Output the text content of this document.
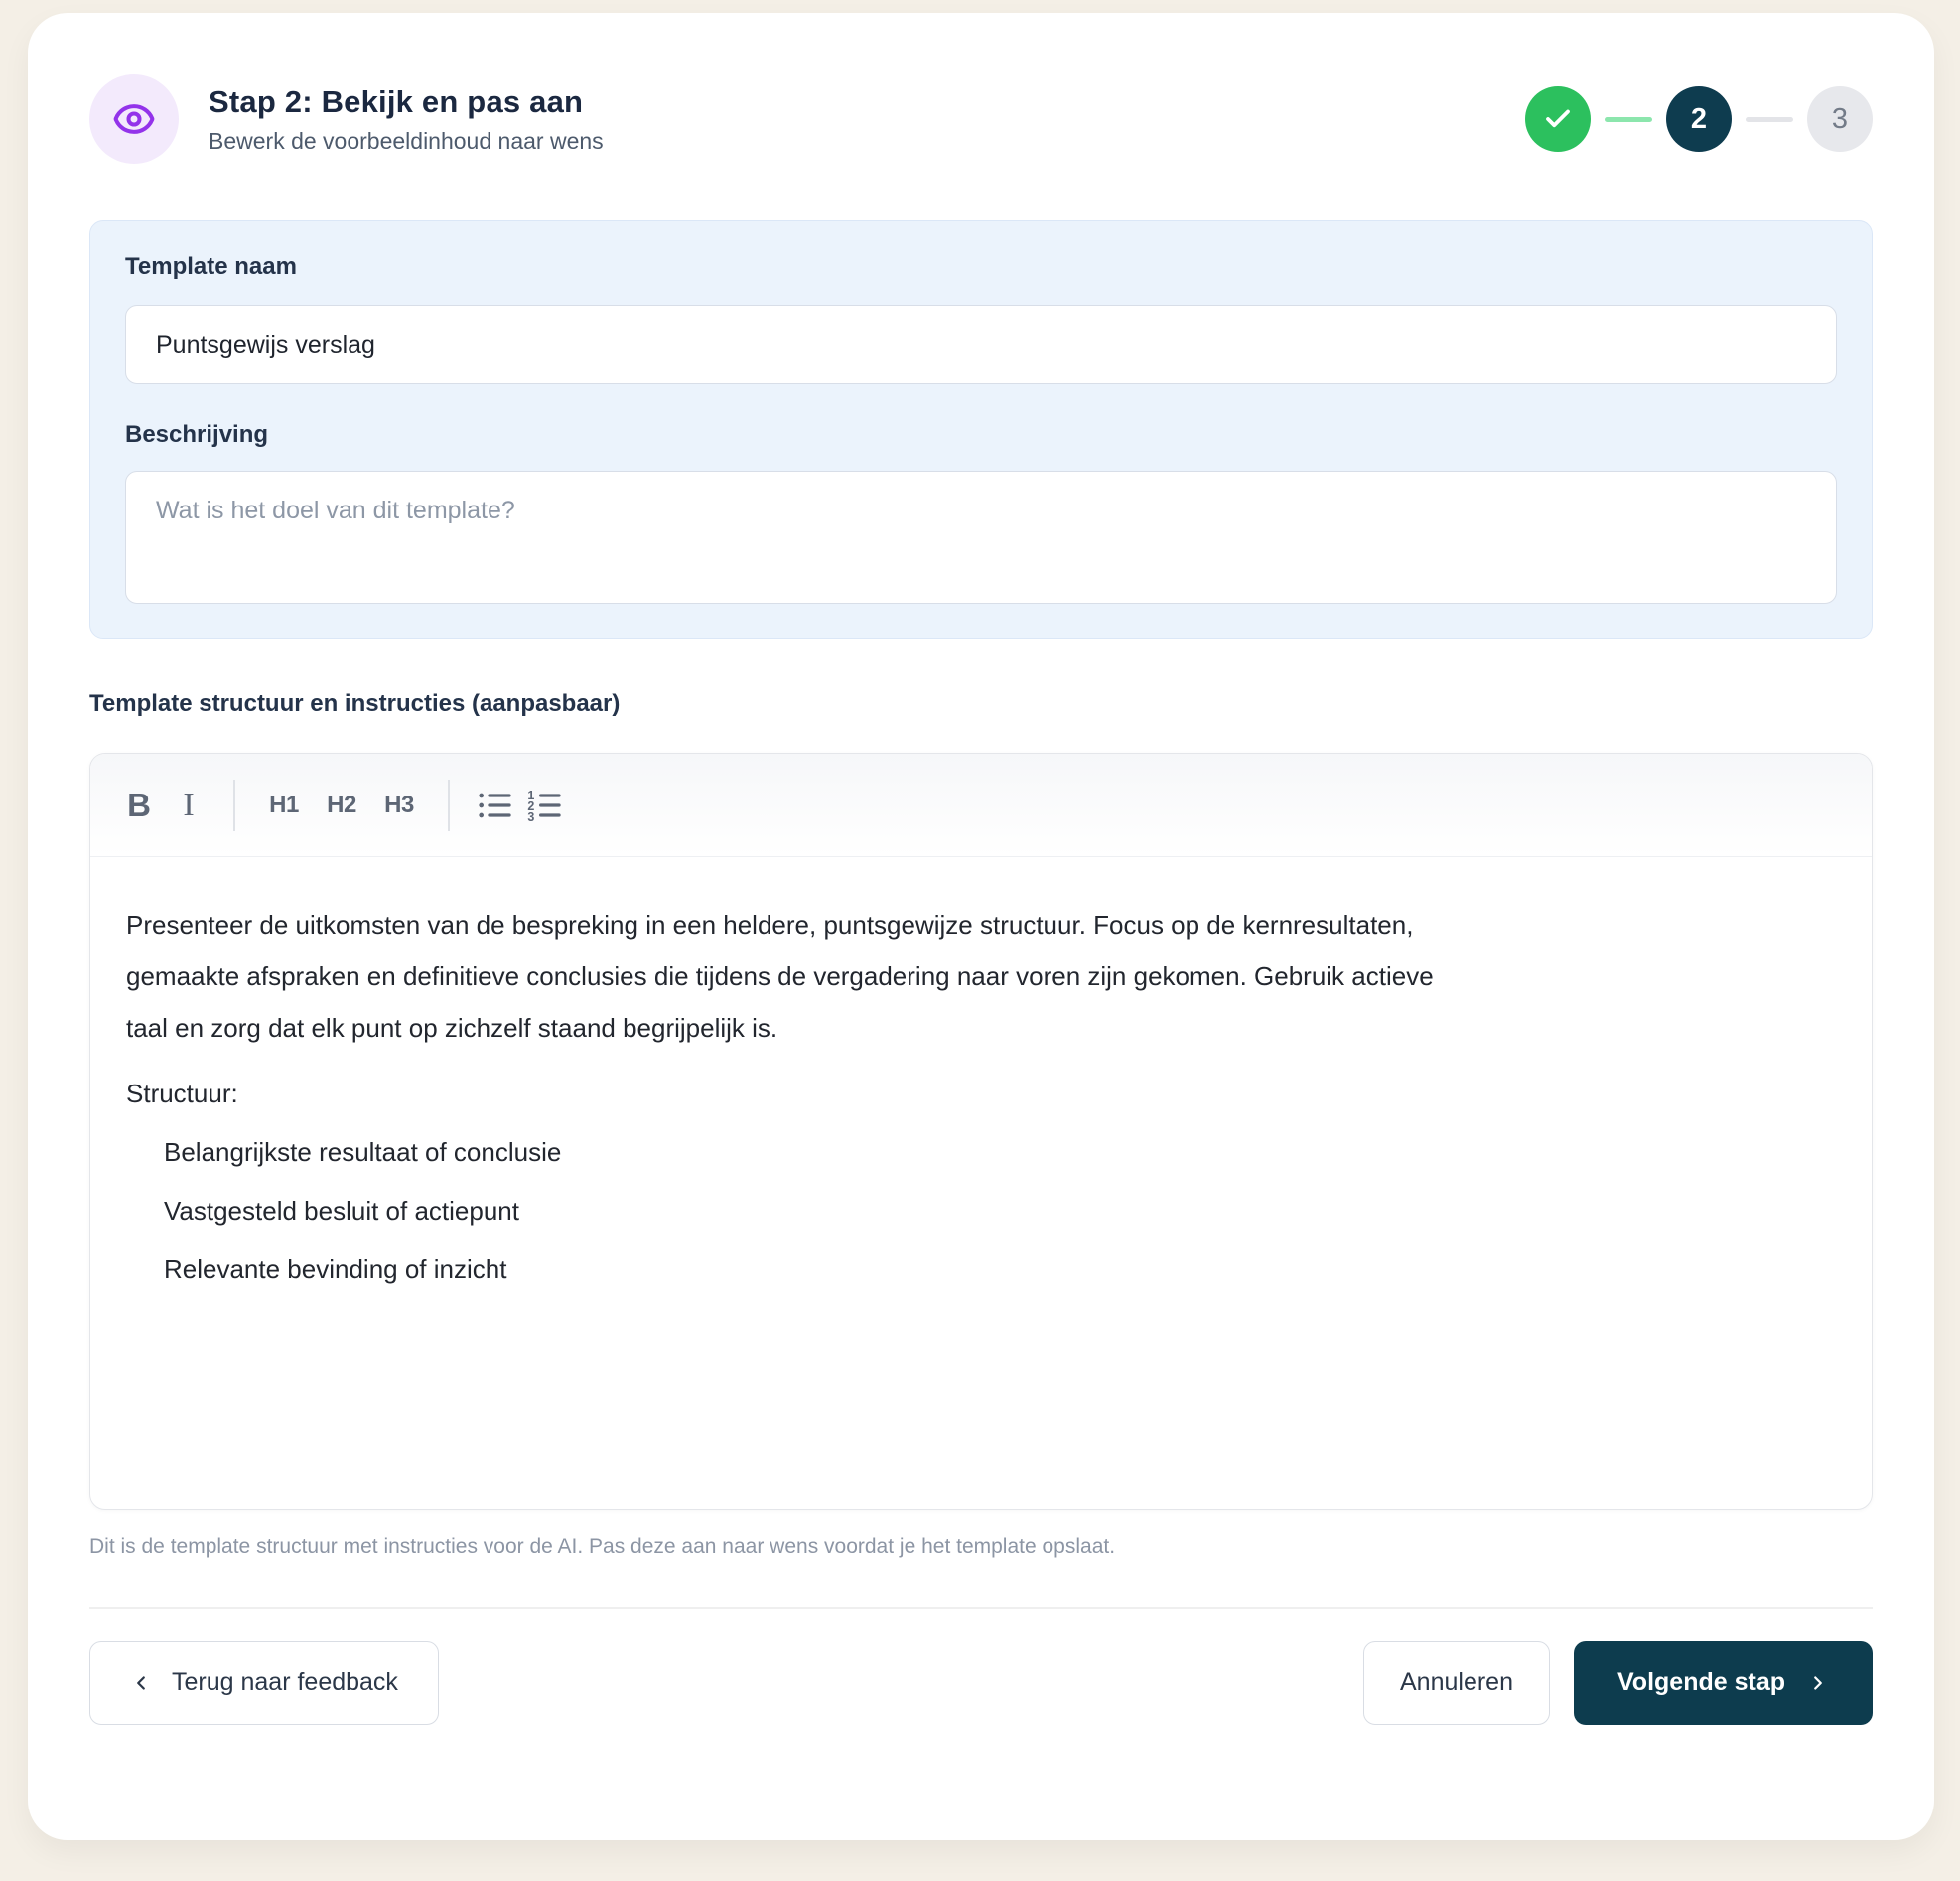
Stap 2: Bekijk en pas aan
Bewerk de voorbeeldinhoud naar wens
2	3
Template naam
Puntsgewijs verslag
Beschrijving
Wat is het doel van dit template?
Template structuur en instructies (aanpasbaar)
B I	H1	H2	H3	1
2
3
Presenteer de uitkomsten van de bespreking in een heldere, puntsgewijze structuur. Focus op de kernresultaten, gemaakte afspraken en definitieve conclusies die tijdens de vergadering naar voren zijn gekomen. Gebruik actieve taal en zorg dat elk punt op zichzelf staand begrijpelijk is.
Structuur:
Belangrijkste resultaat of conclusie
Vastgesteld besluit of actiepunt
Relevante bevinding of inzicht
Dit is de template structuur met instructies voor de AI. Pas deze aan naar wens voordat je het template opslaat.
Terug naar feedback	Annuleren	Volgende stap
